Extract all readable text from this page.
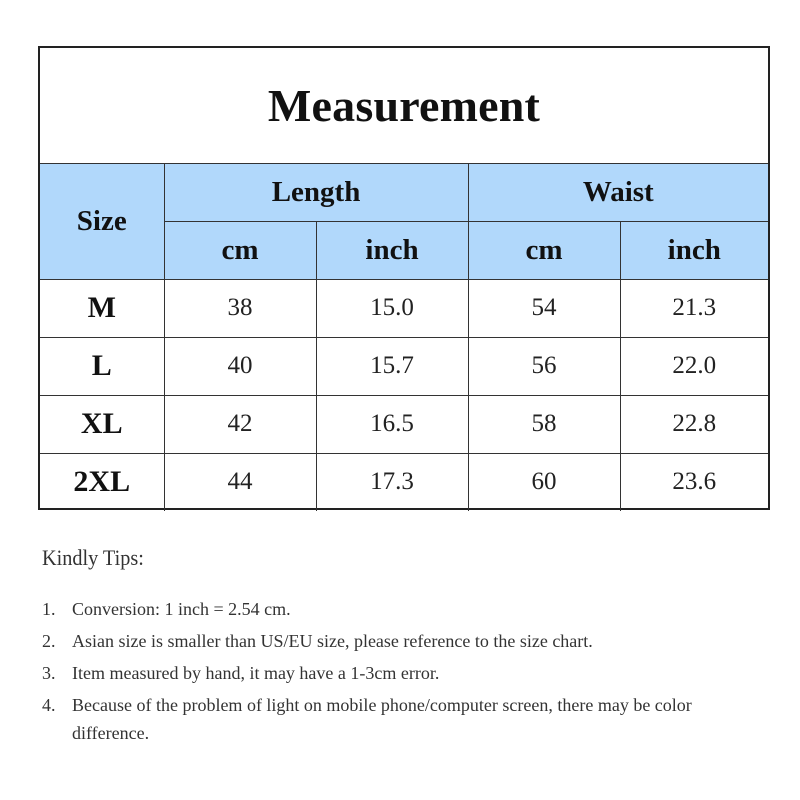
Measurement
Size	Length		Waist	
	cm	inch	cm	inch
M	38	15.0	54	21.3
L	40	15.7	56	22.0
XL	42	16.5	58	22.8
2XL	44	17.3	60	23.6
Kindly Tips:
1. Conversion: 1 inch = 2.54 cm.
2. Asian size is smaller than US/EU size, please reference to the size chart.
3. Item measured by hand, it may have a 1-3cm error.
4. Because of the problem of light on mobile phone/computer screen, there may be color difference.
